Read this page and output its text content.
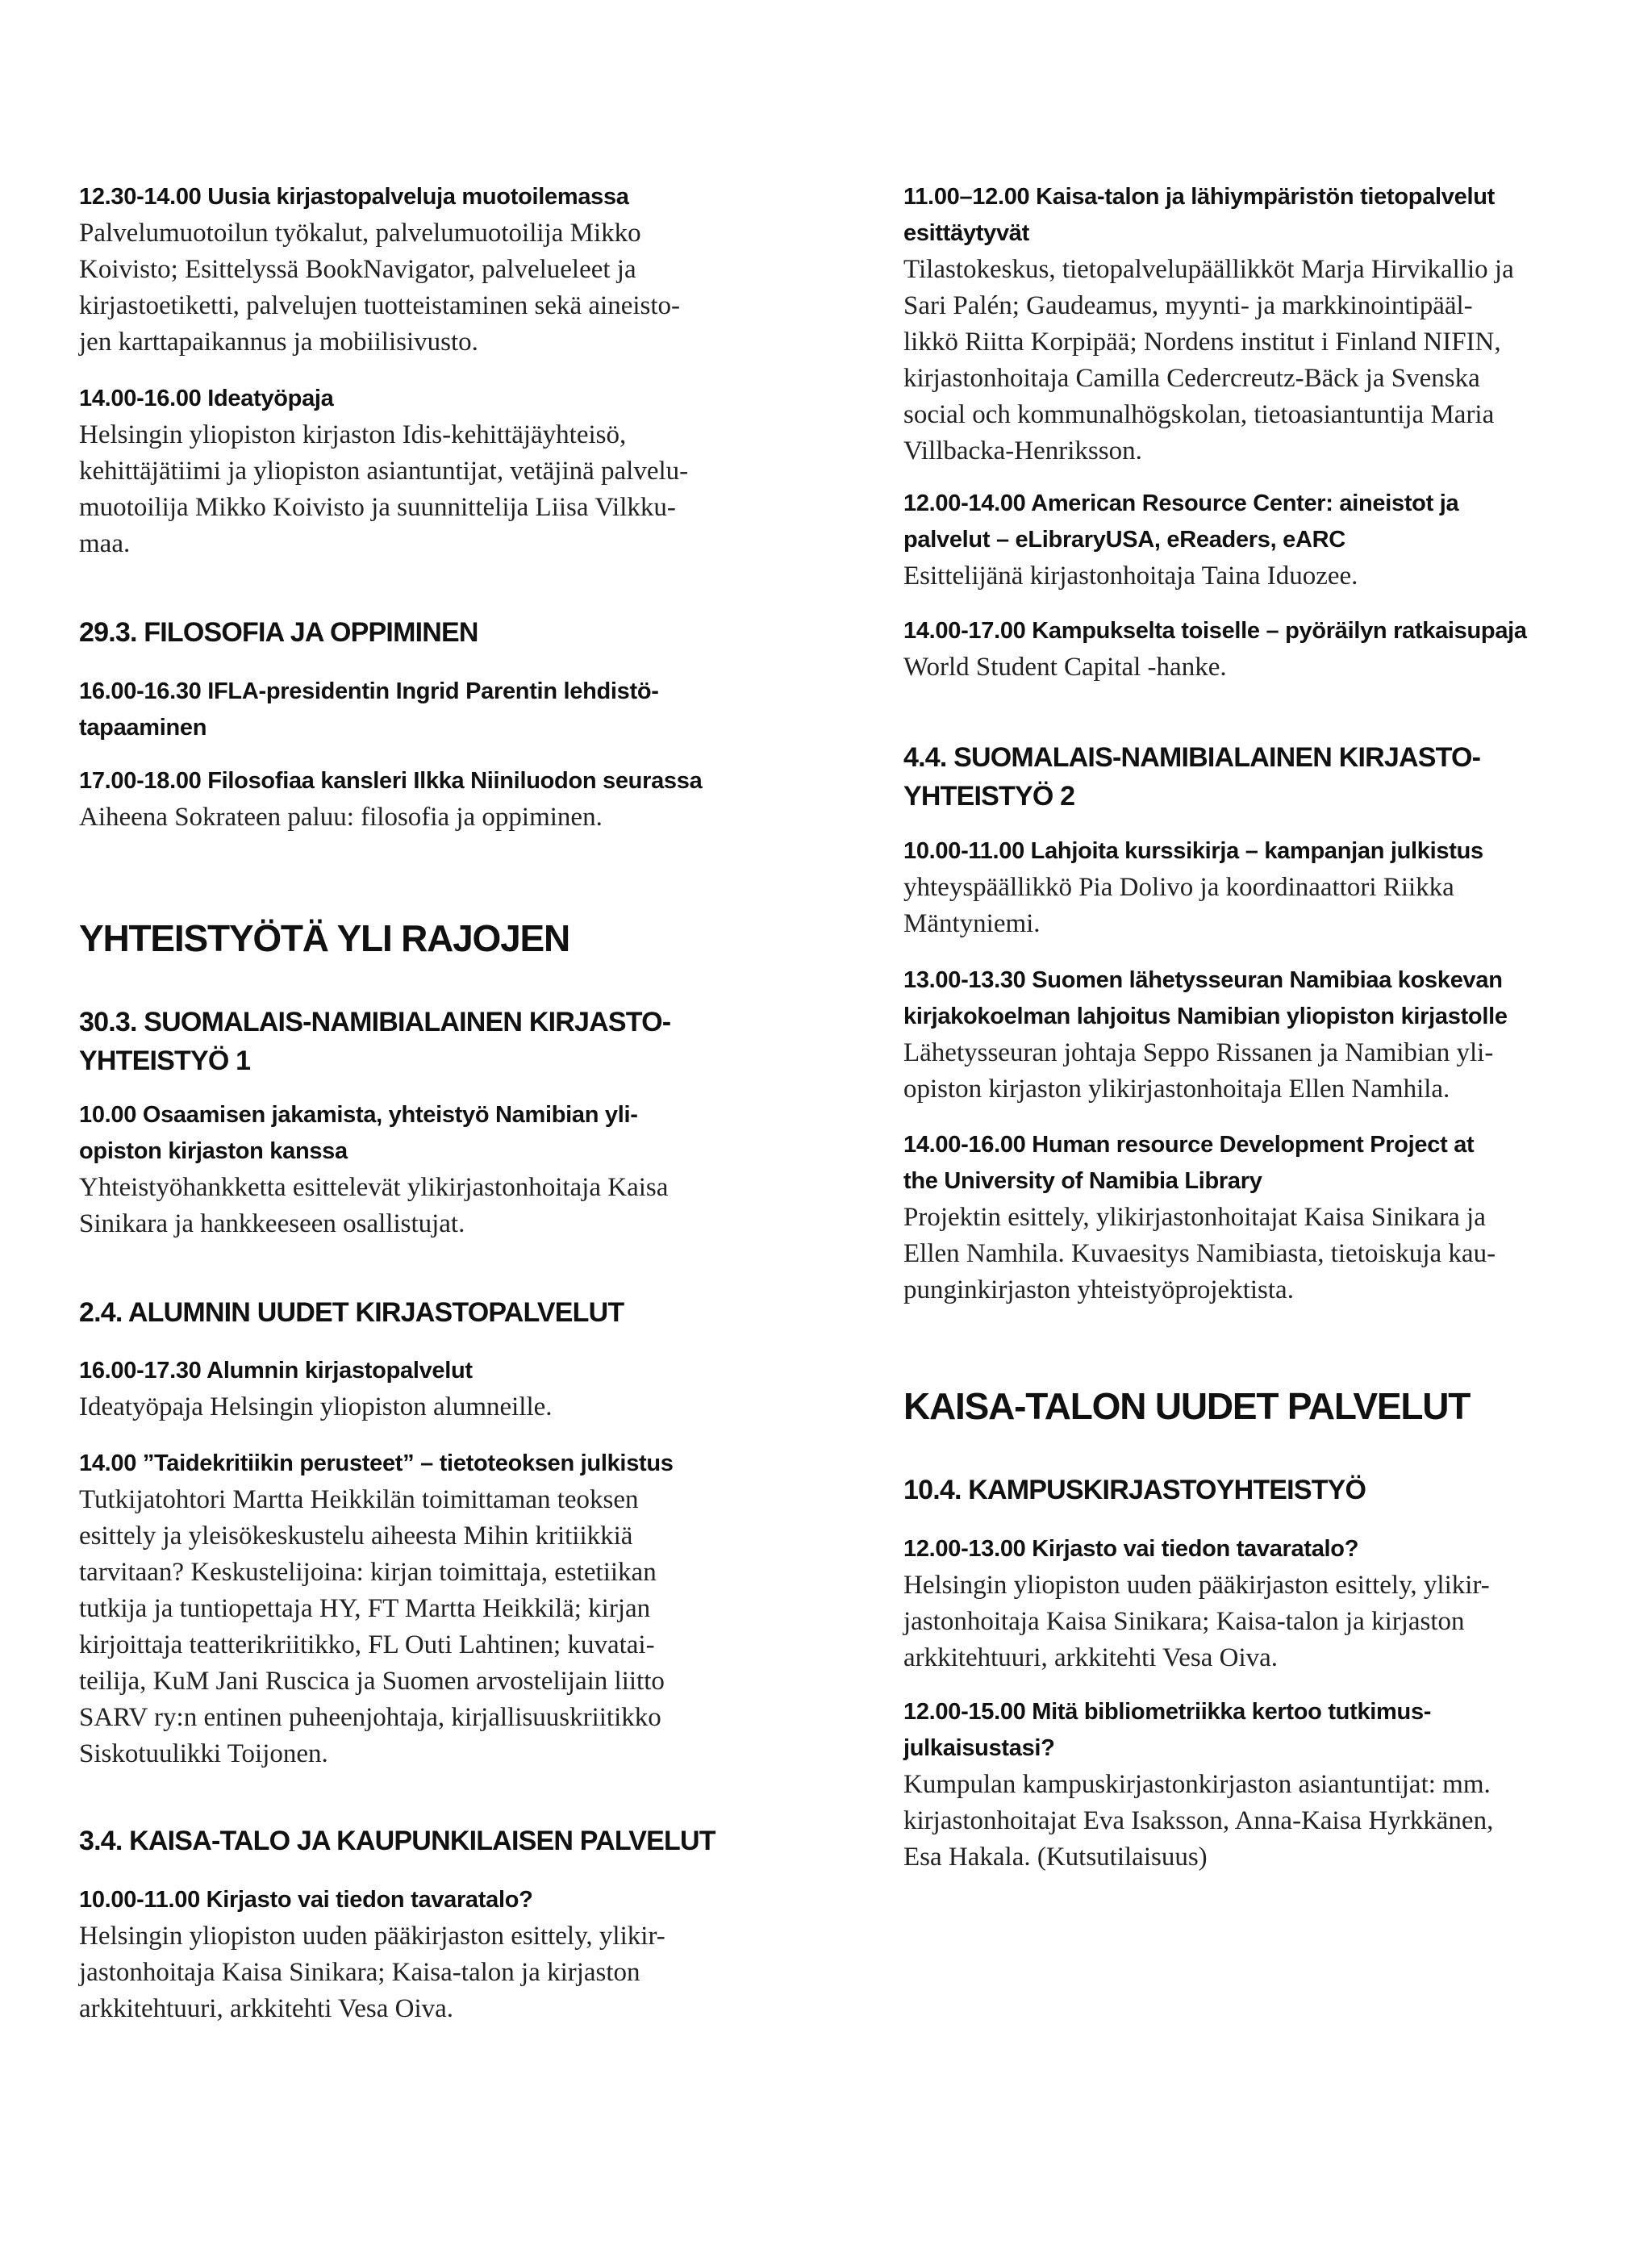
12.30-14.00 Uusia kirjastopalveluja muotoilemassa
Palvelumuotoilun työkalut, palvelumuotoilija Mikko
Koivisto; Esittelyssä BookNavigator, palvelueleet ja
kirjastoetiketti, palvelujen tuotteistaminen sekä aineisto-
jen karttapaikannus ja mobiilisivusto.
14.00-16.00 Ideatyöpaja
Helsingin yliopiston kirjaston Idis-kehittäjäyhteisö,
kehittäjätiimi ja yliopiston asiantuntijat, vetäjinä palvelu-
muotoilija Mikko Koivisto ja suunnittelija Liisa Vilkku-
maa.
29.3. FILOSOFIA JA OPPIMINEN
16.00-16.30 IFLA-presidentin Ingrid Parentin lehdistö-
tapaaminen
17.00-18.00 Filosofiaa kansleri Ilkka Niiniluodon seurassa
Aiheena Sokrateen paluu: filosofia ja oppiminen.
YHTEISTYÖTÄ YLI RAJOJEN
30.3. SUOMALAIS-NAMIBIALAINEN KIRJASTO-
YHTEISTYÖ 1
10.00 Osaamisen jakamista, yhteistyö Namibian yli-
opiston kirjaston kanssa
Yhteistyöhankketta esittelevät ylikirjastonhoitaja Kaisa
Sinikara ja hankkeeseen osallistujat.
2.4. ALUMNIN UUDET KIRJASTOPALVELUT
16.00-17.30 Alumnin kirjastopalvelut
Ideatyöpaja Helsingin yliopiston alumneille.
14.00 ”Taidekritiikin perusteet” – tietoteoksen julkistus
Tutkijatohtori Martta Heikkilän toimittaman teoksen
esittely ja yleisökeskustelu aiheesta Mihin kritiikkiä
tarvitaan? Keskustelijoina: kirjan toimittaja, estetiikan
tutkija ja tuntiopettaja HY, FT Martta Heikkilä; kirjan
kirjoittaja teatterikriitikko, FL Outi Lahtinen; kuvatai-
teilija, KuM Jani Ruscica ja Suomen arvostelijain liitto
SARV ry:n entinen puheenjohtaja, kirjallisuuskriitikko
Siskotuulikki Toijonen.
3.4. KAISA-TALO JA KAUPUNKILAISEN PALVELUT
10.00-11.00 Kirjasto vai tiedon tavaratalo?
Helsingin yliopiston uuden pääkirjaston esittely, ylikir-
jastonhoitaja Kaisa Sinikara; Kaisa-talon ja kirjaston
arkkitehtuuri, arkkitehti Vesa Oiva.
11.00–12.00 Kaisa-talon ja lähiympäristön tietopalvelut
esittäytyvät
Tilastokeskus, tietopalvelupäällikköt Marja Hirvikallio ja
Sari Palén; Gaudeamus, myynti- ja markkinointipääl-
likkö Riitta Korpipää; Nordens institut i Finland NIFIN,
kirjastonhoitaja Camilla Cedercreutz-Bäck ja Svenska
social och kommunalhögskolan, tietoasiantuntija Maria
Villbacka-Henriksson.
12.00-14.00 American Resource Center: aineistot ja
palvelut – eLibraryUSA, eReaders, eARC
Esittelijänä kirjastonhoitaja Taina Iduozee.
14.00-17.00 Kampukselta toiselle – pyöräilyn ratkaisupaja
World Student Capital -hanke.
4.4. SUOMALAIS-NAMIBIALAINEN KIRJASTO-
YHTEISTYÖ 2
10.00-11.00 Lahjoita kurssikirja – kampanjan julkistus
yhteyspäällikkö Pia Dolivo ja koordinaattori Riikka
Mäntyniemi.
13.00-13.30 Suomen lähetysseuran Namibiaa koskevan
kirjakokoelman lahjoitus Namibian yliopiston kirjastolle
Lähetysseuran johtaja Seppo Rissanen ja Namibian yli-
opiston kirjaston ylikirjastonhoitaja Ellen Namhila.
14.00-16.00 Human resource Development Project at
the University of Namibia Library
Projektin esittely, ylikirjastonhoitajat Kaisa Sinikara ja
Ellen Namhila. Kuvaesitys Namibiasta, tietoiskuja kau-
punginkirjaston yhteistyöprojektista.
KAISA-TALON UUDET PALVELUT
10.4. KAMPUSKIRJASTOYHTEISTYÖ
12.00-13.00 Kirjasto vai tiedon tavaratalo?
Helsingin yliopiston uuden pääkirjaston esittely, ylikir-
jastonhoitaja Kaisa Sinikara; Kaisa-talon ja kirjaston
arkkitehtuuri, arkkitehti Vesa Oiva.
12.00-15.00 Mitä bibliometriikka kertoo tutkimus-
julkaisustasi?
Kumpulan kampuskirjastonkirjaston asiantuntijat: mm.
kirjastonhoitajat Eva Isaksson, Anna-Kaisa Hyrkkänen,
Esa Hakala. (Kutsutilaisuus)
